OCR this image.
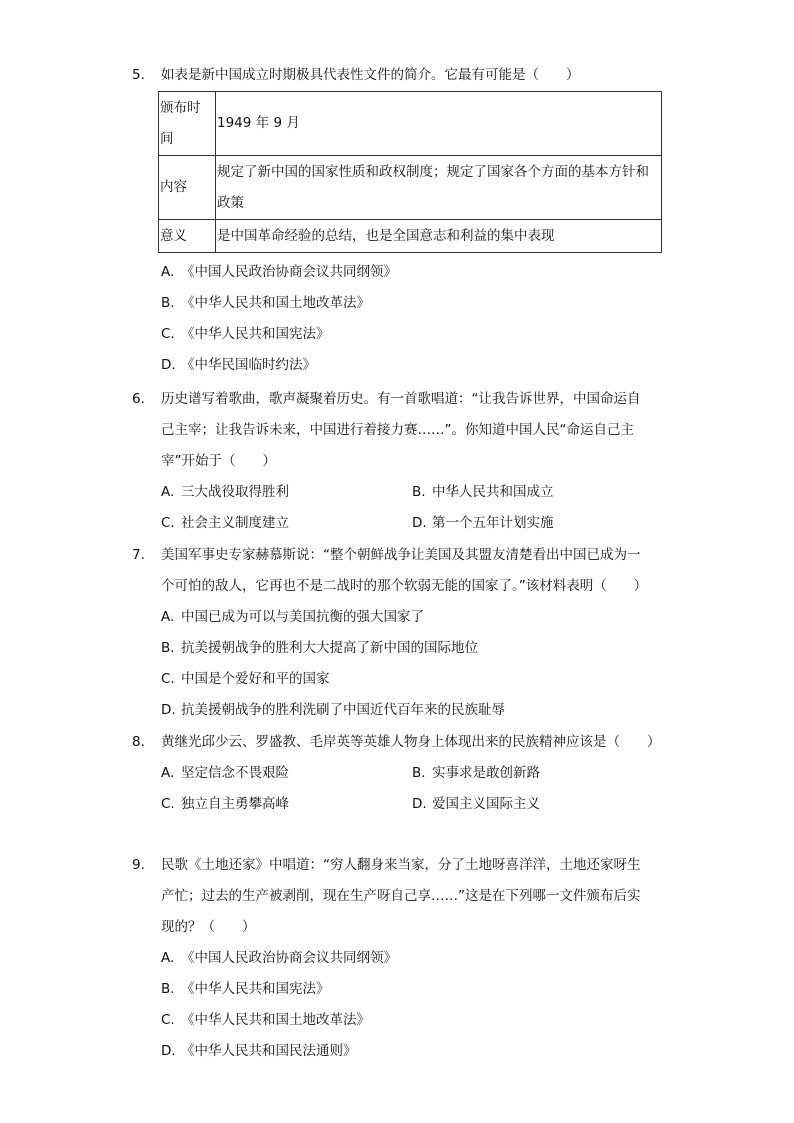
5.	如表是新中国成立时期极具代表性文件的简介。它最有可能是（　　）
颁布时
间	1949 年 9 月
内容	规定了新中国的国家性质和政权制度；规定了国家各个方面的基本方针和
政策

意义	是中国革命经验的总结，也是全国意志和利益的集中表现
A. 《中国人民政治协商会议共同纲领》
B. 《中华人民共和国土地改革法》
C. 《中华人民共和国宪法》
D. 《中华民国临时约法》
6.	历史谱写着歌曲，歌声凝聚着历史。有一首歌唱道：“让我告诉世界，中国命运自
己主宰；让我告诉未来，中国进行着接力赛……”。你知道中国人民“命运自己主
宰”开始于（　　）
A. 三大战役取得胜利	B. 中华人民共和国成立
C. 社会主义制度建立	D. 第一个五年计划实施
7.	美国军事史专家赫慕斯说：“整个朝鲜战争让美国及其盟友清楚看出中国已成为一
个可怕的敌人，它再也不是二战时的那个软弱无能的国家了。”该材料表明（　　）
A. 中国已成为可以与美国抗衡的强大国家了
B. 抗美援朝战争的胜利大大提高了新中国的国际地位
C. 中国是个爱好和平的国家
D. 抗美援朝战争的胜利洗刷了中国近代百年来的民族耻辱
8.	黄继光邱少云、罗盛教、毛岸英等英雄人物身上体现出来的民族精神应该是（　　）
A. 坚定信念不畏艰险	B. 实事求是敢创新路
C. 独立自主勇攀高峰	D. 爱国主义国际主义
9.	民歌《土地还家》中唱道：“穷人翻身来当家，分了土地呀喜洋洋，土地还家呀生
产忙；过去的生产被剥削，现在生产呀自己享……”这是在下列哪一文件颁布后实
现的？（　　）
A. 《中国人民政治协商会议共同纲领》
B. 《中华人民共和国宪法》
C. 《中华人民共和国土地改革法》
D. 《中华人民共和国民法通则》
